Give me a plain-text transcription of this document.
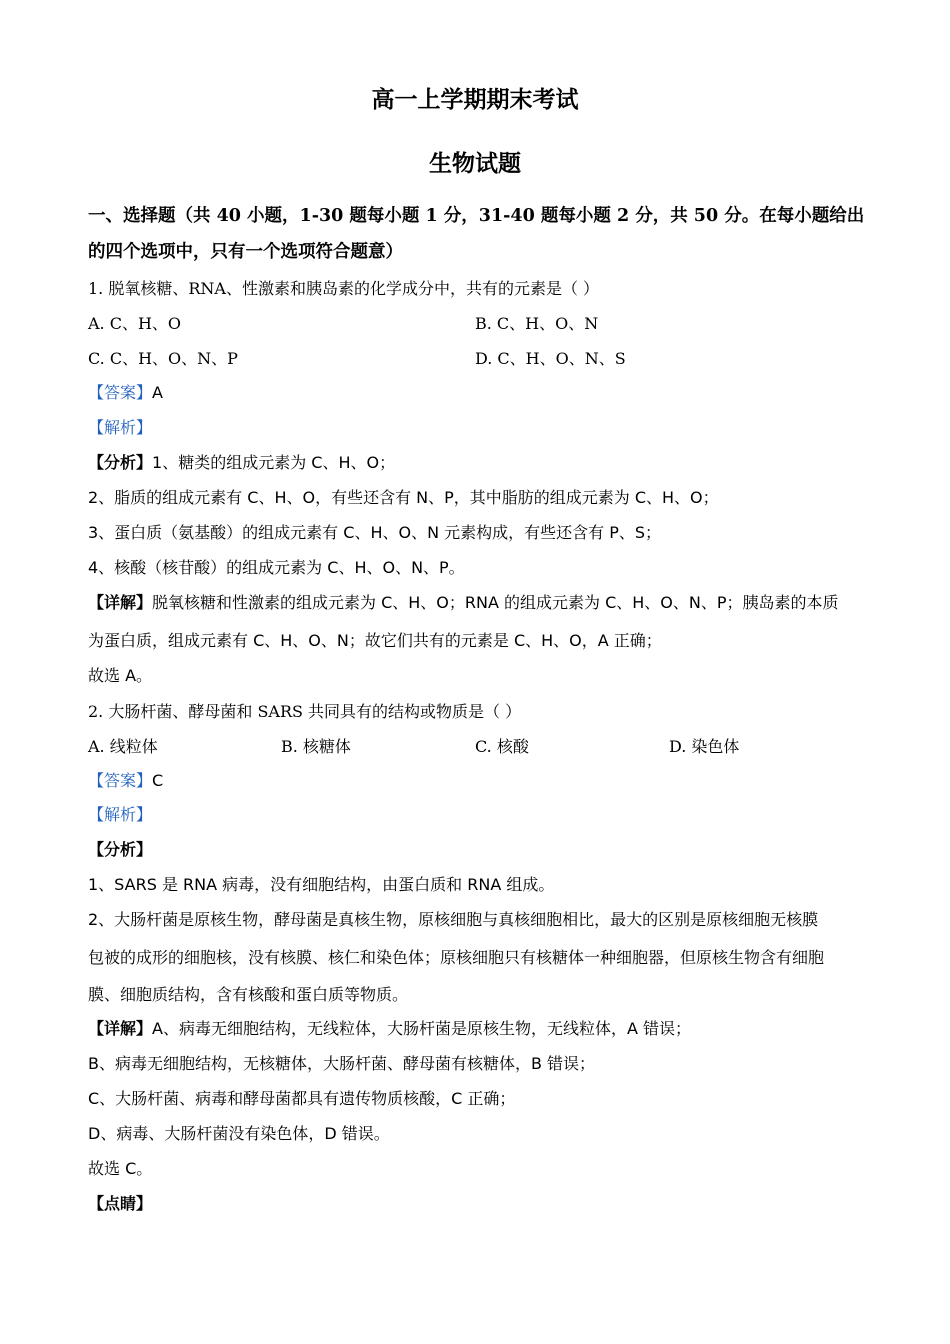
高一上学期期末考试
生物试题
一、选择题（共 40 小题，1-30 题每小题 1 分，31-40 题每小题 2 分，共 50 分。在每小题给出
的四个选项中，只有一个选项符合题意）
1. 脱氧核糖、RNA、性激素和胰岛素的化学成分中，共有的元素是（ ）
A. C、H、O	B. C、H、O、N
C. C、H、O、N、P	D. C、H、O、N、S
【答案】A
【解析】
【分析】1、糖类的组成元素为 C、H、O；
2、脂质的组成元素有 C、H、O，有些还含有 N、P，其中脂肪的组成元素为 C、H、O；
3、蛋白质（氨基酸）的组成元素有 C、H、O、N 元素构成，有些还含有 P、S；
4、核酸（核苷酸）的组成元素为 C、H、O、N、P。
【详解】脱氧核糖和性激素的组成元素为 C、H、O；RNA 的组成元素为 C、H、O、N、P；胰岛素的本质
为蛋白质，组成元素有 C、H、O、N；故它们共有的元素是 C、H、O，A 正确；
故选 A。
2. 大肠杆菌、酵母菌和 SARS 共同具有的结构或物质是（ ）
A. 线粒体	B. 核糖体	C. 核酸	D. 染色体
【答案】C
【解析】
【分析】
1、SARS 是 RNA 病毒，没有细胞结构，由蛋白质和 RNA 组成。
2、大肠杆菌是原核生物，酵母菌是真核生物，原核细胞与真核细胞相比，最大的区别是原核细胞无核膜
包被的成形的细胞核，没有核膜、核仁和染色体；原核细胞只有核糖体一种细胞器，但原核生物含有细胞
膜、细胞质结构，含有核酸和蛋白质等物质。
【详解】A、病毒无细胞结构，无线粒体，大肠杆菌是原核生物，无线粒体，A 错误；
B、病毒无细胞结构，无核糖体，大肠杆菌、酵母菌有核糖体，B 错误；
C、大肠杆菌、病毒和酵母菌都具有遗传物质核酸，C 正确；
D、病毒、大肠杆菌没有染色体，D 错误。
故选 C。
【点睛】
